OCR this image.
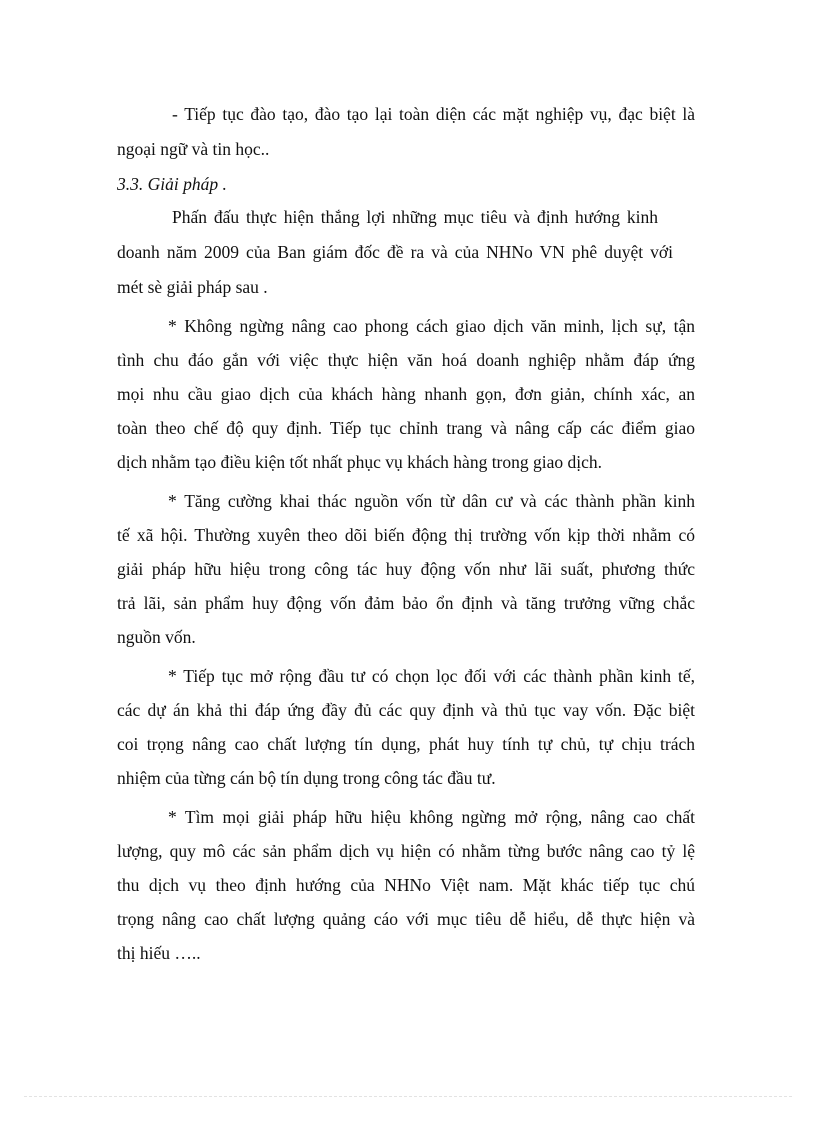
- Tiếp tục đào tạo, đào tạo lại toàn diện các mặt nghiệp vụ, đạc biệt là
ngoại ngữ và tin học..
3.3. Giải pháp .
Phấn đấu thực hiện thắng lợi những mục tiêu và định hướng kinh
doanh năm 2009 của Ban giám đốc đề ra và của NHNo VN phê duyệt với
mét sè giải pháp sau .
* Không ngừng nâng cao phong cách giao dịch văn minh, lịch sự, tận
tình chu đáo gắn với việc thực hiện văn hoá doanh nghiệp nhằm đáp ứng
mọi nhu cầu giao dịch của khách hàng nhanh gọn, đơn giản, chính xác, an
toàn theo chế độ quy định. Tiếp tục chỉnh trang và nâng cấp các điểm giao
dịch nhằm tạo điều kiện tốt nhất phục vụ khách hàng trong giao dịch.
* Tăng cường khai thác nguồn vốn từ dân cư và các thành phần kinh
tế xã hội. Thường xuyên theo dõi biến động thị trường vốn kịp thời nhằm có
giải pháp hữu hiệu trong công tác huy động vốn như lãi suất, phương thức
trả lãi, sản phẩm huy động vốn đảm bảo ổn định và tăng trưởng vững chắc
nguồn vốn.
* Tiếp tục mở rộng đầu tư có chọn lọc đối với các thành phần kinh tế,
các dự án khả thi đáp ứng đầy đủ các quy định và thủ tục vay vốn. Đặc biệt
coi trọng nâng cao chất lượng tín dụng, phát huy tính tự chủ, tự chịu trách
nhiệm của từng cán bộ tín dụng trong công tác đầu tư.
* Tìm mọi giải pháp hữu hiệu không ngừng mở rộng, nâng cao chất
lượng, quy mô các sản phẩm dịch vụ hiện có nhằm từng bước nâng cao tỷ lệ
thu dịch vụ theo định hướng của NHNo Việt nam. Mặt khác tiếp tục chú
trọng nâng cao chất lượng quảng cáo với mục tiêu dễ hiểu, dễ thực hiện và
thị hiếu …..
